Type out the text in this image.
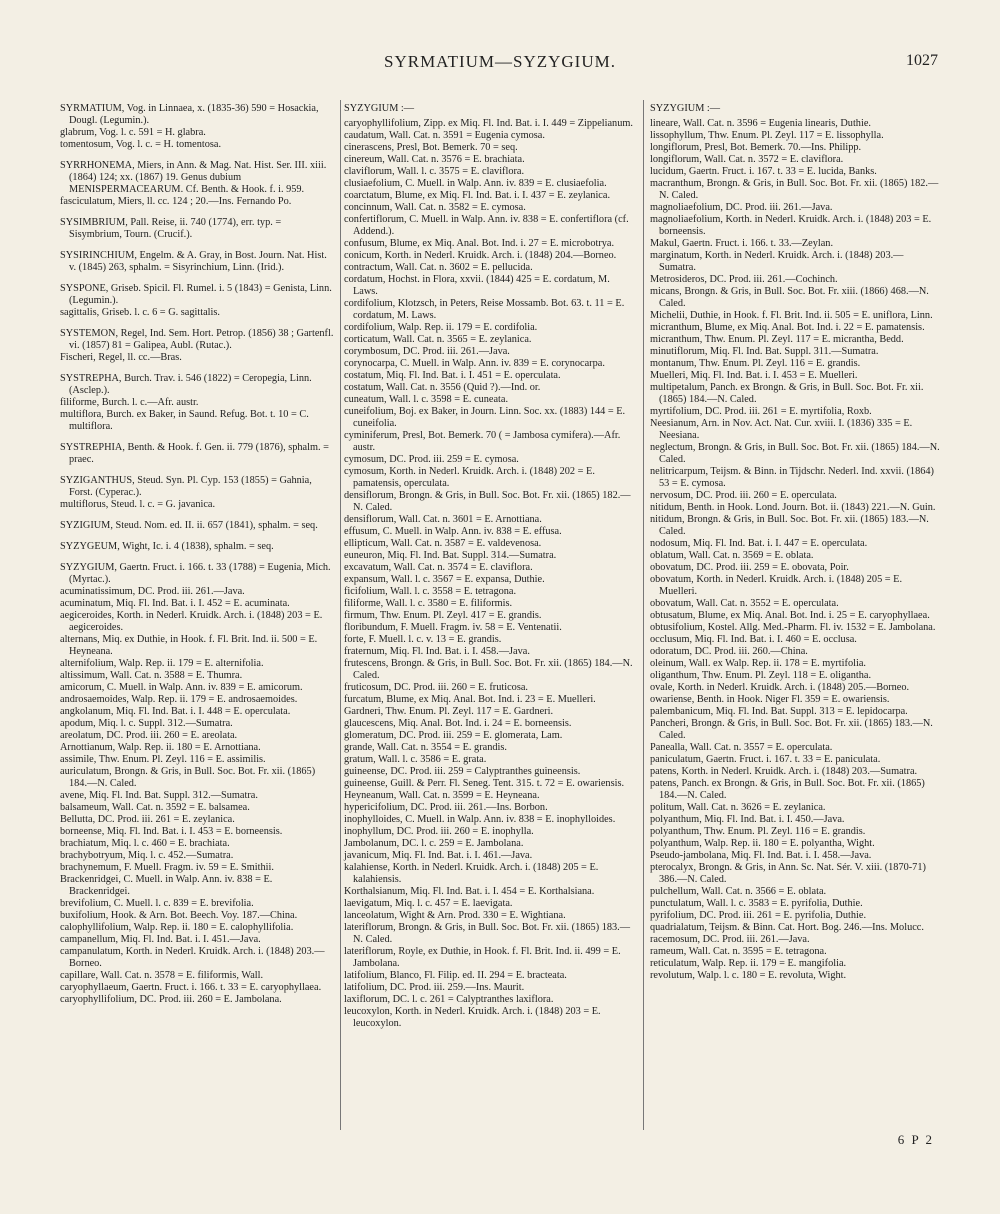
SYRMATIUM—SYZYGIUM.	1027

SYRMATIUM, Vog. in Linnaea, x. (1835-36) 590 = Hosackia, Dougl. (Legumin.).

glabrum, Vog. l. c. 591 = H. glabra.

tomentosum, Vog. l. c. = H. tomentosa.

SYRRHONEMA, Miers, in Ann. & Mag. Nat. Hist. Ser. III. xiii. (1864) 124; xx. (1867) 19. Genus dubium MENISPERMACEARUM. Cf. Benth. & Hook. f. i. 959.

fasciculatum, Miers, ll. cc. 124 ; 20.—Ins. Fernando Po.

SYSIMBRIUM, Pall. Reise, ii. 740 (1774), err. typ. = Sisymbrium, Tourn. (Crucif.).

SYSIRINCHIUM, Engelm. & A. Gray, in Bost. Journ. Nat. Hist. v. (1845) 263, sphalm. = Sisyrinchium, Linn. (Irid.).

SYSPONE, Griseb. Spicil. Fl. Rumel. i. 5 (1843) = Genista, Linn. (Legumin.).

sagittalis, Griseb. l. c. 6 = G. sagittalis.

SYSTEMON, Regel, Ind. Sem. Hort. Petrop. (1856) 38 ; Gartenfl. vi. (1857) 81 = Galipea, Aubl. (Rutac.).

Fischeri, Regel, ll. cc.—Bras.

SYSTREPHA, Burch. Trav. i. 546 (1822) = Ceropegia, Linn. (Asclep.).

filiforme, Burch. l. c.—Afr. austr.

multiflora, Burch. ex Baker, in Saund. Refug. Bot. t. 10 = C. multiflora.

SYSTREPHIA, Benth. & Hook. f. Gen. ii. 779 (1876), sphalm. = praec.

SYZIGANTHUS, Steud. Syn. Pl. Cyp. 153 (1855) = Gahnia, Forst. (Cyperac.).

multiflorus, Steud. l. c. = G. javanica.

SYZIGIUM, Steud. Nom. ed. II. ii. 657 (1841), sphalm. = seq.

SYZYGEUM, Wight, Ic. i. 4 (1838), sphalm. = seq.

SYZYGIUM, Gaertn. Fruct. i. 166. t. 33 (1788) = Eugenia, Mich. (Myrtac.).

acuminatissimum, DC. Prod. iii. 261.—Java.

acuminatum, Miq. Fl. Ind. Bat. i. I. 452 = E. acuminata.

aegiceroides, Korth. in Nederl. Kruidk. Arch. i. (1848) 203 = E. aegiceroides.

alternans, Miq. ex Duthie, in Hook. f. Fl. Brit. Ind. ii. 500 = E. Heyneana.

alternifolium, Walp. Rep. ii. 179 = E. alternifolia.

altissimum, Wall. Cat. n. 3588 = E. Thumra.

amicorum, C. Muell. in Walp. Ann. iv. 839 = E. amicorum.

androsaemoides, Walp. Rep. ii. 179 = E. androsaemoides.

angkolanum, Miq. Fl. Ind. Bat. i. I. 448 = E. operculata.

apodum, Miq. l. c. Suppl. 312.—Sumatra.

areolatum, DC. Prod. iii. 260 = E. areolata.

Arnottianum, Walp. Rep. ii. 180 = E. Arnottiana.

assimile, Thw. Enum. Pl. Zeyl. 116 = E. assimilis.

auriculatum, Brongn. & Gris, in Bull. Soc. Bot. Fr. xii. (1865) 184.—N. Caled.

avene, Miq. Fl. Ind. Bat. Suppl. 312.—Sumatra.

balsameum, Wall. Cat. n. 3592 = E. balsamea.

Bellutta, DC. Prod. iii. 261 = E. zeylanica.

borneense, Miq. Fl. Ind. Bat. i. I. 453 = E. borneensis.

brachiatum, Miq. l. c. 460 = E. brachiata.

brachybotryum, Miq. l. c. 452.—Sumatra.

brachynemum, F. Muell. Fragm. iv. 59 = E. Smithii.

Brackenridgei, C. Muell. in Walp. Ann. iv. 838 = E. Brackenridgei.

brevifolium, C. Muell. l. c. 839 = E. brevifolia.

buxifolium, Hook. & Arn. Bot. Beech. Voy. 187.—China.

calophyllifolium, Walp. Rep. ii. 180 = E. calophyllifolia.

campanellum, Miq. Fl. Ind. Bat. i. I. 451.—Java.

campanulatum, Korth. in Nederl. Kruidk. Arch. i. (1848) 203.—Borneo.

capillare, Wall. Cat. n. 3578 = E. filiformis, Wall.

caryophyllaeum, Gaertn. Fruct. i. 166. t. 33 = E. caryophyllaea.

caryophyllifolium, DC. Prod. iii. 260 = E. Jambolana.

SYZYGIUM :—

caryophyllifolium, Zipp. ex Miq. Fl. Ind. Bat. i. I. 449 = Zippelianum.

caudatum, Wall. Cat. n. 3591 = Eugenia cymosa.

cinerascens, Presl, Bot. Bemerk. 70 = seq.

cinereum, Wall. Cat. n. 3576 = E. brachiata.

claviflorum, Wall. l. c. 3575 = E. claviflora.

clusiaefolium, C. Muell. in Walp. Ann. iv. 839 = E. clusiaefolia.

coarctatum, Blume, ex Miq. Fl. Ind. Bat. i. I. 437 = E. zeylanica.

concinnum, Wall. Cat. n. 3582 = E. cymosa.

confertiflorum, C. Muell. in Walp. Ann. iv. 838 = E. confertiflora (cf. Addend.).

confusum, Blume, ex Miq. Anal. Bot. Ind. i. 27 = E. microbotrya.

conicum, Korth. in Nederl. Kruidk. Arch. i. (1848) 204.—Borneo.

contractum, Wall. Cat. n. 3602 = E. pellucida.

cordatum, Hochst. in Flora, xxvii. (1844) 425 = E. cordatum, M. Laws.

cordifolium, Klotzsch, in Peters, Reise Mossamb. Bot. 63. t. 11 = E. cordatum, M. Laws.

cordifolium, Walp. Rep. ii. 179 = E. cordifolia.

corticatum, Wall. Cat. n. 3565 = E. zeylanica.

corymbosum, DC. Prod. iii. 261.—Java.

corynocarpa, C. Muell. in Walp. Ann. iv. 839 = E. corynocarpa.

costatum, Miq. Fl. Ind. Bat. i. I. 451 = E. operculata.

costatum, Wall. Cat. n. 3556 (Quid ?).—Ind. or.

cuneatum, Wall. l. c. 3598 = E. cuneata.

cuneifolium, Boj. ex Baker, in Journ. Linn. Soc. xx. (1883) 144 = E. cuneifolia.

cyminiferum, Presl, Bot. Bemerk. 70 ( = Jambosa cymifera).—Afr. austr.

cymosum, DC. Prod. iii. 259 = E. cymosa.

cymosum, Korth. in Nederl. Kruidk. Arch. i. (1848) 202 = E. pamatensis, operculata.

densiflorum, Brongn. & Gris, in Bull. Soc. Bot. Fr. xii. (1865) 182.—N. Caled.

densiflorum, Wall. Cat. n. 3601 = E. Arnottiana.

effusum, C. Muell. in Walp. Ann. iv. 838 = E. effusa.

ellipticum, Wall. Cat. n. 3587 = E. valdevenosa.

euneuron, Miq. Fl. Ind. Bat. Suppl. 314.—Sumatra.

excavatum, Wall. Cat. n. 3574 = E. claviflora.

expansum, Wall. l. c. 3567 = E. expansa, Duthie.

ficifolium, Wall. l. c. 3558 = E. tetragona.

filiforme, Wall. l. c. 3580 = E. filiformis.

firmum, Thw. Enum. Pl. Zeyl. 417 = E. grandis.

floribundum, F. Muell. Fragm. iv. 58 = E. Ventenatii.

forte, F. Muell. l. c. v. 13 = E. grandis.

fraternum, Miq. Fl. Ind. Bat. i. I. 458.—Java.

frutescens, Brongn. & Gris, in Bull. Soc. Bot. Fr. xii. (1865) 184.—N. Caled.

fruticosum, DC. Prod. iii. 260 = E. fruticosa.

furcatum, Blume, ex Miq. Anal. Bot. Ind. i. 23 = E. Muelleri.

Gardneri, Thw. Enum. Pl. Zeyl. 117 = E. Gardneri.

glaucescens, Miq. Anal. Bot. Ind. i. 24 = E. borneensis.

glomeratum, DC. Prod. iii. 259 = E. glomerata, Lam.

grande, Wall. Cat. n. 3554 = E. grandis.

gratum, Wall. l. c. 3586 = E. grata.

guineense, DC. Prod. iii. 259 = Calyptranthes guineensis.

guineense, Guill. & Perr. Fl. Seneg. Tent. 315. t. 72 = E. owariensis.

Heyneanum, Wall. Cat. n. 3599 = E. Heyneana.

hypericifolium, DC. Prod. iii. 261.—Ins. Borbon.

inophylloides, C. Muell. in Walp. Ann. iv. 838 = E. inophylloides.

inophyllum, DC. Prod. iii. 260 = E. inophylla.

Jambolanum, DC. l. c. 259 = E. Jambolana.

javanicum, Miq. Fl. Ind. Bat. i. I. 461.—Java.

kalahiense, Korth. in Nederl. Kruidk. Arch. i. (1848) 205 = E. kalahiensis.

Korthalsianum, Miq. Fl. Ind. Bat. i. I. 454 = E. Korthalsiana.

laevigatum, Miq. l. c. 457 = E. laevigata.

lanceolatum, Wight & Arn. Prod. 330 = E. Wightiana.

lateriflorum, Brongn. & Gris, in Bull. Soc. Bot. Fr. xii. (1865) 183.—N. Caled.

lateriflorum, Royle, ex Duthie, in Hook. f. Fl. Brit. Ind. ii. 499 = E. Jambolana.

latifolium, Blanco, Fl. Filip. ed. II. 294 = E. bracteata.

latifolium, DC. Prod. iii. 259.—Ins. Maurit.

laxiflorum, DC. l. c. 261 = Calyptranthes laxiflora.

leucoxylon, Korth. in Nederl. Kruidk. Arch. i. (1848) 203 = E. leucoxylon.

SYZYGIUM :—

lineare, Wall. Cat. n. 3596 = Eugenia linearis, Duthie.

lissophyllum, Thw. Enum. Pl. Zeyl. 117 = E. lissophylla.

longiflorum, Presl, Bot. Bemerk. 70.—Ins. Philipp.

longiflorum, Wall. Cat. n. 3572 = E. claviflora.

lucidum, Gaertn. Fruct. i. 167. t. 33 = E. lucida, Banks.

macranthum, Brongn. & Gris, in Bull. Soc. Bot. Fr. xii. (1865) 182.—N. Caled.

magnoliaefolium, DC. Prod. iii. 261.—Java.

magnoliaefolium, Korth. in Nederl. Kruidk. Arch. i. (1848) 203 = E. borneensis.

Makul, Gaertn. Fruct. i. 166. t. 33.—Zeylan.

marginatum, Korth. in Nederl. Kruidk. Arch. i. (1848) 203.—Sumatra.

Metrosideros, DC. Prod. iii. 261.—Cochinch.

micans, Brongn. & Gris, in Bull. Soc. Bot. Fr. xiii. (1866) 468.—N. Caled.

Michelii, Duthie, in Hook. f. Fl. Brit. Ind. ii. 505 = E. uniflora, Linn.

micranthum, Blume, ex Miq. Anal. Bot. Ind. i. 22 = E. pamatensis.

micranthum, Thw. Enum. Pl. Zeyl. 117 = E. micrantha, Bedd.

minutiflorum, Miq. Fl. Ind. Bat. Suppl. 311.—Sumatra.

montanum, Thw. Enum. Pl. Zeyl. 116 = E. grandis.

Muelleri, Miq. Fl. Ind. Bat. i. I. 453 = E. Muelleri.

multipetalum, Panch. ex Brongn. & Gris, in Bull. Soc. Bot. Fr. xii. (1865) 184.—N. Caled.

myrtifolium, DC. Prod. iii. 261 = E. myrtifolia, Roxb.

Neesianum, Arn. in Nov. Act. Nat. Cur. xviii. I. (1836) 335 = E. Neesiana.

neglectum, Brongn. & Gris, in Bull. Soc. Bot. Fr. xii. (1865) 184.—N. Caled.

nelitricarpum, Teijsm. & Binn. in Tijdschr. Nederl. Ind. xxvii. (1864) 53 = E. cymosa.

nervosum, DC. Prod. iii. 260 = E. operculata.

nitidum, Benth. in Hook. Lond. Journ. Bot. ii. (1843) 221.—N. Guin.

nitidum, Brongn. & Gris, in Bull. Soc. Bot. Fr. xii. (1865) 183.—N. Caled.

nodosum, Miq. Fl. Ind. Bat. i. I. 447 = E. operculata.

oblatum, Wall. Cat. n. 3569 = E. oblata.

obovatum, DC. Prod. iii. 259 = E. obovata, Poir.

obovatum, Korth. in Nederl. Kruidk. Arch. i. (1848) 205 = E. Muelleri.

obovatum, Wall. Cat. n. 3552 = E. operculata.

obtusatum, Blume, ex Miq. Anal. Bot. Ind. i. 25 = E. caryophyllaea.

obtusifolium, Kostel. Allg. Med.-Pharm. Fl. iv. 1532 = E. Jambolana.

occlusum, Miq. Fl. Ind. Bat. i. I. 460 = E. occlusa.

odoratum, DC. Prod. iii. 260.—China.

oleinum, Wall. ex Walp. Rep. ii. 178 = E. myrtifolia.

oliganthum, Thw. Enum. Pl. Zeyl. 118 = E. oligantha.

ovale, Korth. in Nederl. Kruidk. Arch. i. (1848) 205.—Borneo.

owariense, Benth. in Hook. Niger Fl. 359 = E. owariensis.

palembanicum, Miq. Fl. Ind. Bat. Suppl. 313 = E. lepidocarpa.

Pancheri, Brongn. & Gris, in Bull. Soc. Bot. Fr. xii. (1865) 183.—N. Caled.

Panealla, Wall. Cat. n. 3557 = E. operculata.

paniculatum, Gaertn. Fruct. i. 167. t. 33 = E. paniculata.

patens, Korth. in Nederl. Kruidk. Arch. i. (1848) 203.—Sumatra.

patens, Panch. ex Brongn. & Gris, in Bull. Soc. Bot. Fr. xii. (1865) 184.—N. Caled.

politum, Wall. Cat. n. 3626 = E. zeylanica.

polyanthum, Miq. Fl. Ind. Bat. i. I. 450.—Java.

polyanthum, Thw. Enum. Pl. Zeyl. 116 = E. grandis.

polyanthum, Walp. Rep. ii. 180 = E. polyantha, Wight.

Pseudo-jambolana, Miq. Fl. Ind. Bat. i. I. 458.—Java.

pterocalyx, Brongn. & Gris, in Ann. Sc. Nat. Sér. V. xiii. (1870-71) 386.—N. Caled.

pulchellum, Wall. Cat. n. 3566 = E. oblata.

punctulatum, Wall. l. c. 3583 = E. pyrifolia, Duthie.

pyrifolium, DC. Prod. iii. 261 = E. pyrifolia, Duthie.

quadrialatum, Teijsm. & Binn. Cat. Hort. Bog. 246.—Ins. Molucc.

racemosum, DC. Prod. iii. 261.—Java.

rameum, Wall. Cat. n. 3595 = E. tetragona.

reticulatum, Walp. Rep. ii. 179 = E. mangifolia.

revolutum, Walp. l. c. 180 = E. revoluta, Wight.

6 P 2
